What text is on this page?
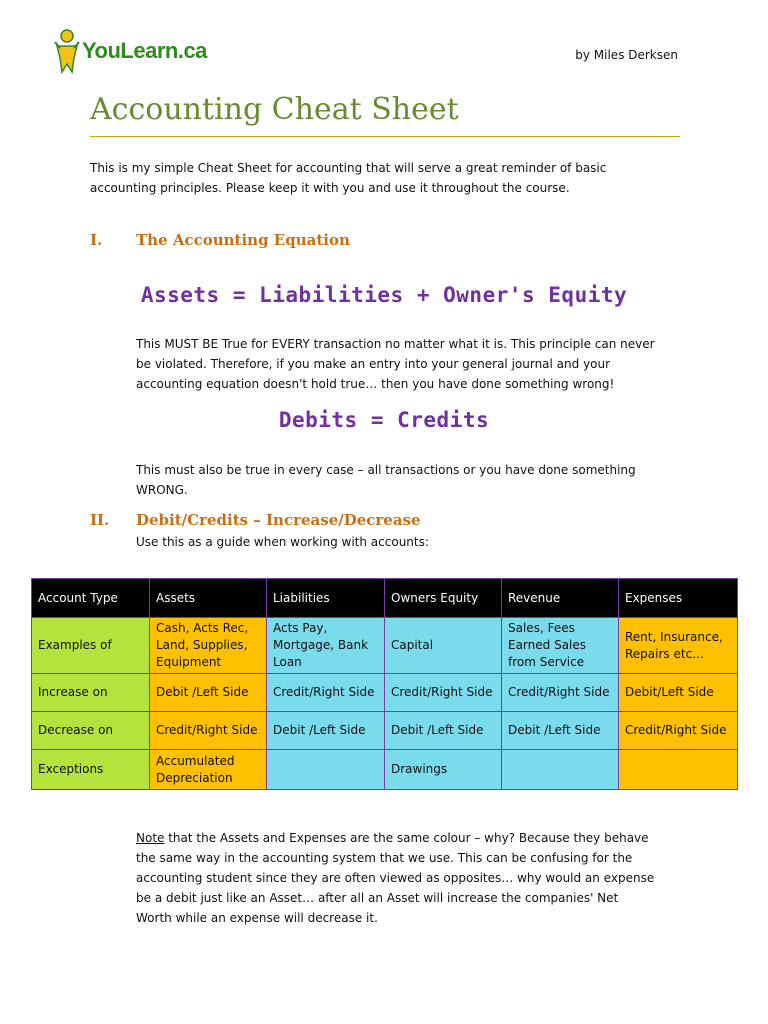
YouLearn.ca	by Miles Derksen
Accounting Cheat Sheet

This is my simple Cheat Sheet for accounting that will serve a great reminder of basic accounting principles. Please keep it with you and use it throughout the course.

I. The Accounting Equation

Assets = Liabilities + Owner's Equity

This MUST BE True for EVERY transaction no matter what it is. This principle can never be violated. Therefore, if you make an entry into your general journal and your accounting equation doesn't hold true… then you have done something wrong!

Debits = Credits

This must also be true in every case – all transactions or you have done something WRONG.

II. Debit/Credits – Increase/Decrease

Use this as a guide when working with accounts:

Account Type	Assets	Liabilities	Owners Equity	Revenue	Expenses
Examples of	Cash, Acts Rec, Land, Supplies, Equipment	Acts Pay, Mortgage, Bank Loan	Capital	Sales, Fees Earned Sales from Service	Rent, Insurance, Repairs etc…
Increase on	Debit /Left Side	Credit/Right Side	Credit/Right Side	Credit/Right Side	Debit/Left Side
Decrease on	Credit/Right Side	Debit /Left Side	Debit /Left Side	Debit /Left Side	Credit/Right Side
Exceptions	Accumulated Depreciation		Drawings		

Note that the Assets and Expenses are the same colour – why? Because they behave the same way in the accounting system that we use. This can be confusing for the accounting student since they are often viewed as opposites… why would an expense be a debit just like an Asset… after all an Asset will increase the companies' Net Worth while an expense will decrease it.
